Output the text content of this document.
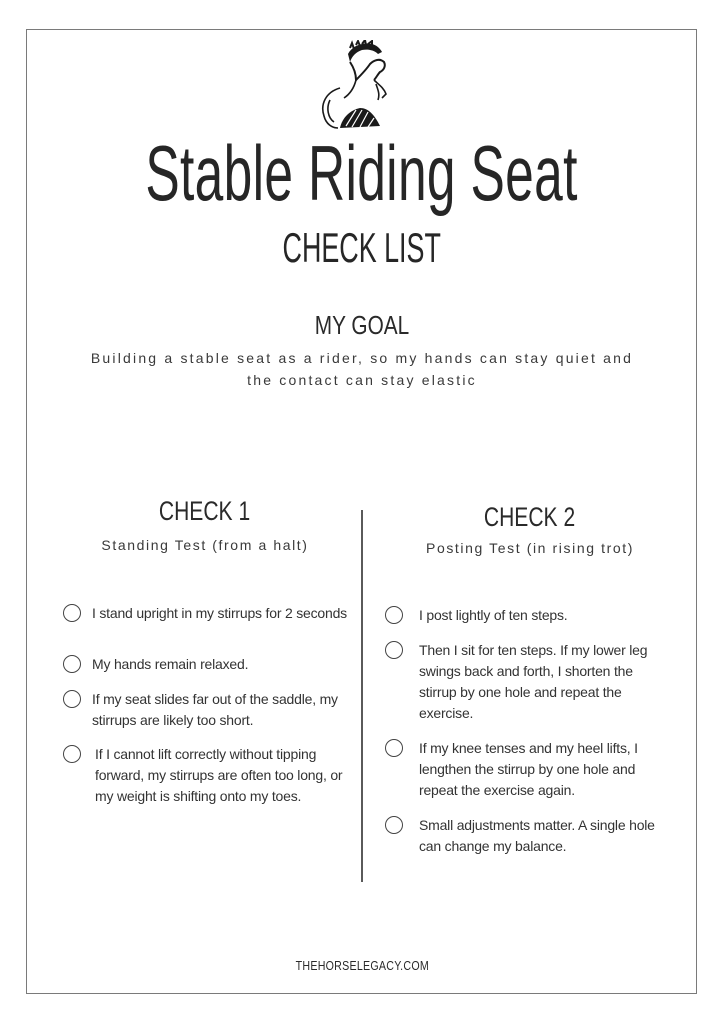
Stable Riding Seat
CHECK LIST
MY GOAL
Building a stable seat as a rider, so my hands can stay quiet and the contact can stay elastic
CHECK 1
Standing Test (from a halt)
CHECK 2
Posting Test (in rising trot)
I stand upright in my stirrups for 2 seconds
My hands remain relaxed.
If my seat slides far out of the saddle, my stirrups are likely too short.
If I cannot lift correctly without tipping forward, my stirrups are often too long, or my weight is shifting onto my toes.
I post lightly of ten steps.
Then I sit for ten steps. If my lower leg swings back and forth, I shorten the stirrup by one hole and repeat the exercise.
If my knee tenses and my heel lifts, I lengthen the stirrup by one hole and repeat the exercise again.
Small adjustments matter. A single hole can change my balance.
THEHORSELEGACY.COM
